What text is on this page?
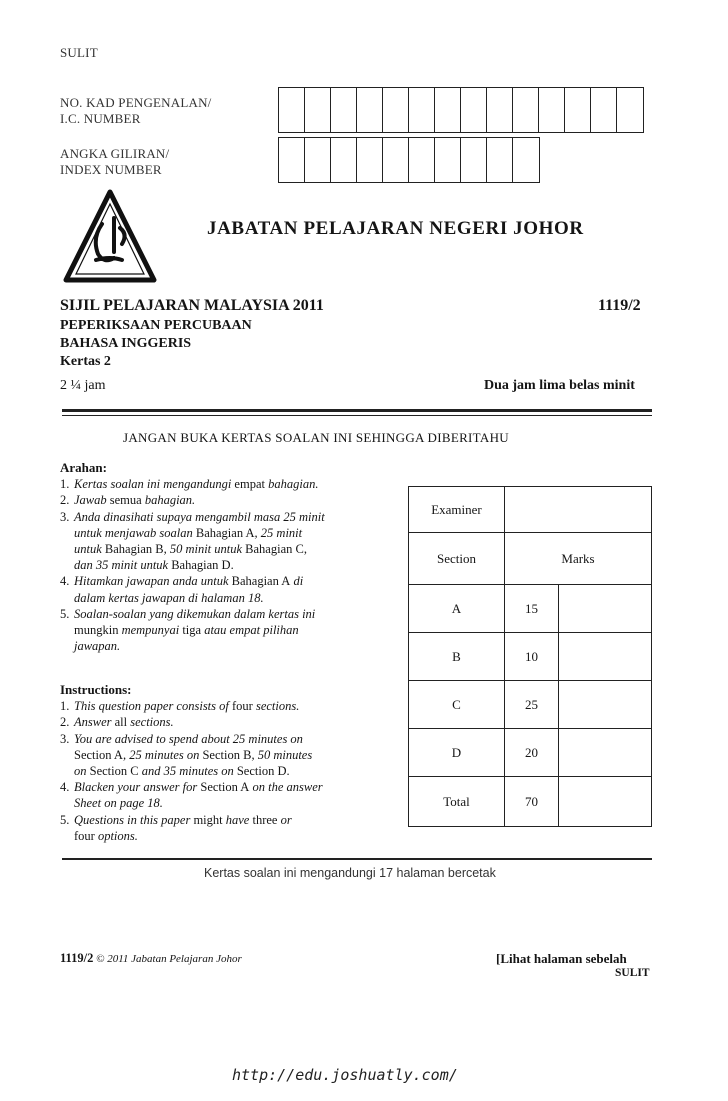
SULIT
NO. KAD PENGENALAN/
I.C. NUMBER
ANGKA GILIRAN/
INDEX NUMBER
JABATAN PELAJARAN NEGERI JOHOR
SIJIL PELAJARAN MALAYSIA 2011	1119/2
PEPERIKSAAN PERCUBAAN
BAHASA INGGERIS
Kertas 2
2 ¼ jam	Dua jam lima belas minit
JANGAN BUKA KERTAS SOALAN INI SEHINGGA DIBERITAHU
Arahan:
1. Kertas soalan ini mengandungi empat bahagian.
2. Jawab semua bahagian.
3. Anda dinasihati supaya mengambil masa 25 minit
untuk menjawab soalan Bahagian A, 25 minit
untuk Bahagian B, 50 minit untuk Bahagian C,
dan 35 minit untuk Bahagian D.
4. Hitamkan jawapan anda untuk Bahagian A di
dalam kertas jawapan di halaman 18.
5. Soalan-soalan yang dikemukan dalam kertas ini
mungkin mempunyai tiga atau empat pilihan
jawapan.
Instructions:
1. This question paper consists of four sections.
2. Answer all sections.
3. You are advised to spend about 25 minutes on
Section A, 25 minutes on Section B, 50 minutes
on Section C and 35 minutes on Section D.
4. Blacken your answer for Section A on the answer
Sheet on page 18.
5. Questions in this paper might have three or
four options.
Examiner		
Section	Marks	
A	15	
B	10	
C	25	
D	20	
Total	70	
Kertas soalan ini mengandungi 17 halaman bercetak
1119/2 © 2011 Jabatan Pelajaran Johor	[Lihat halaman sebelah
SULIT
http://edu.joshuatly.com/
